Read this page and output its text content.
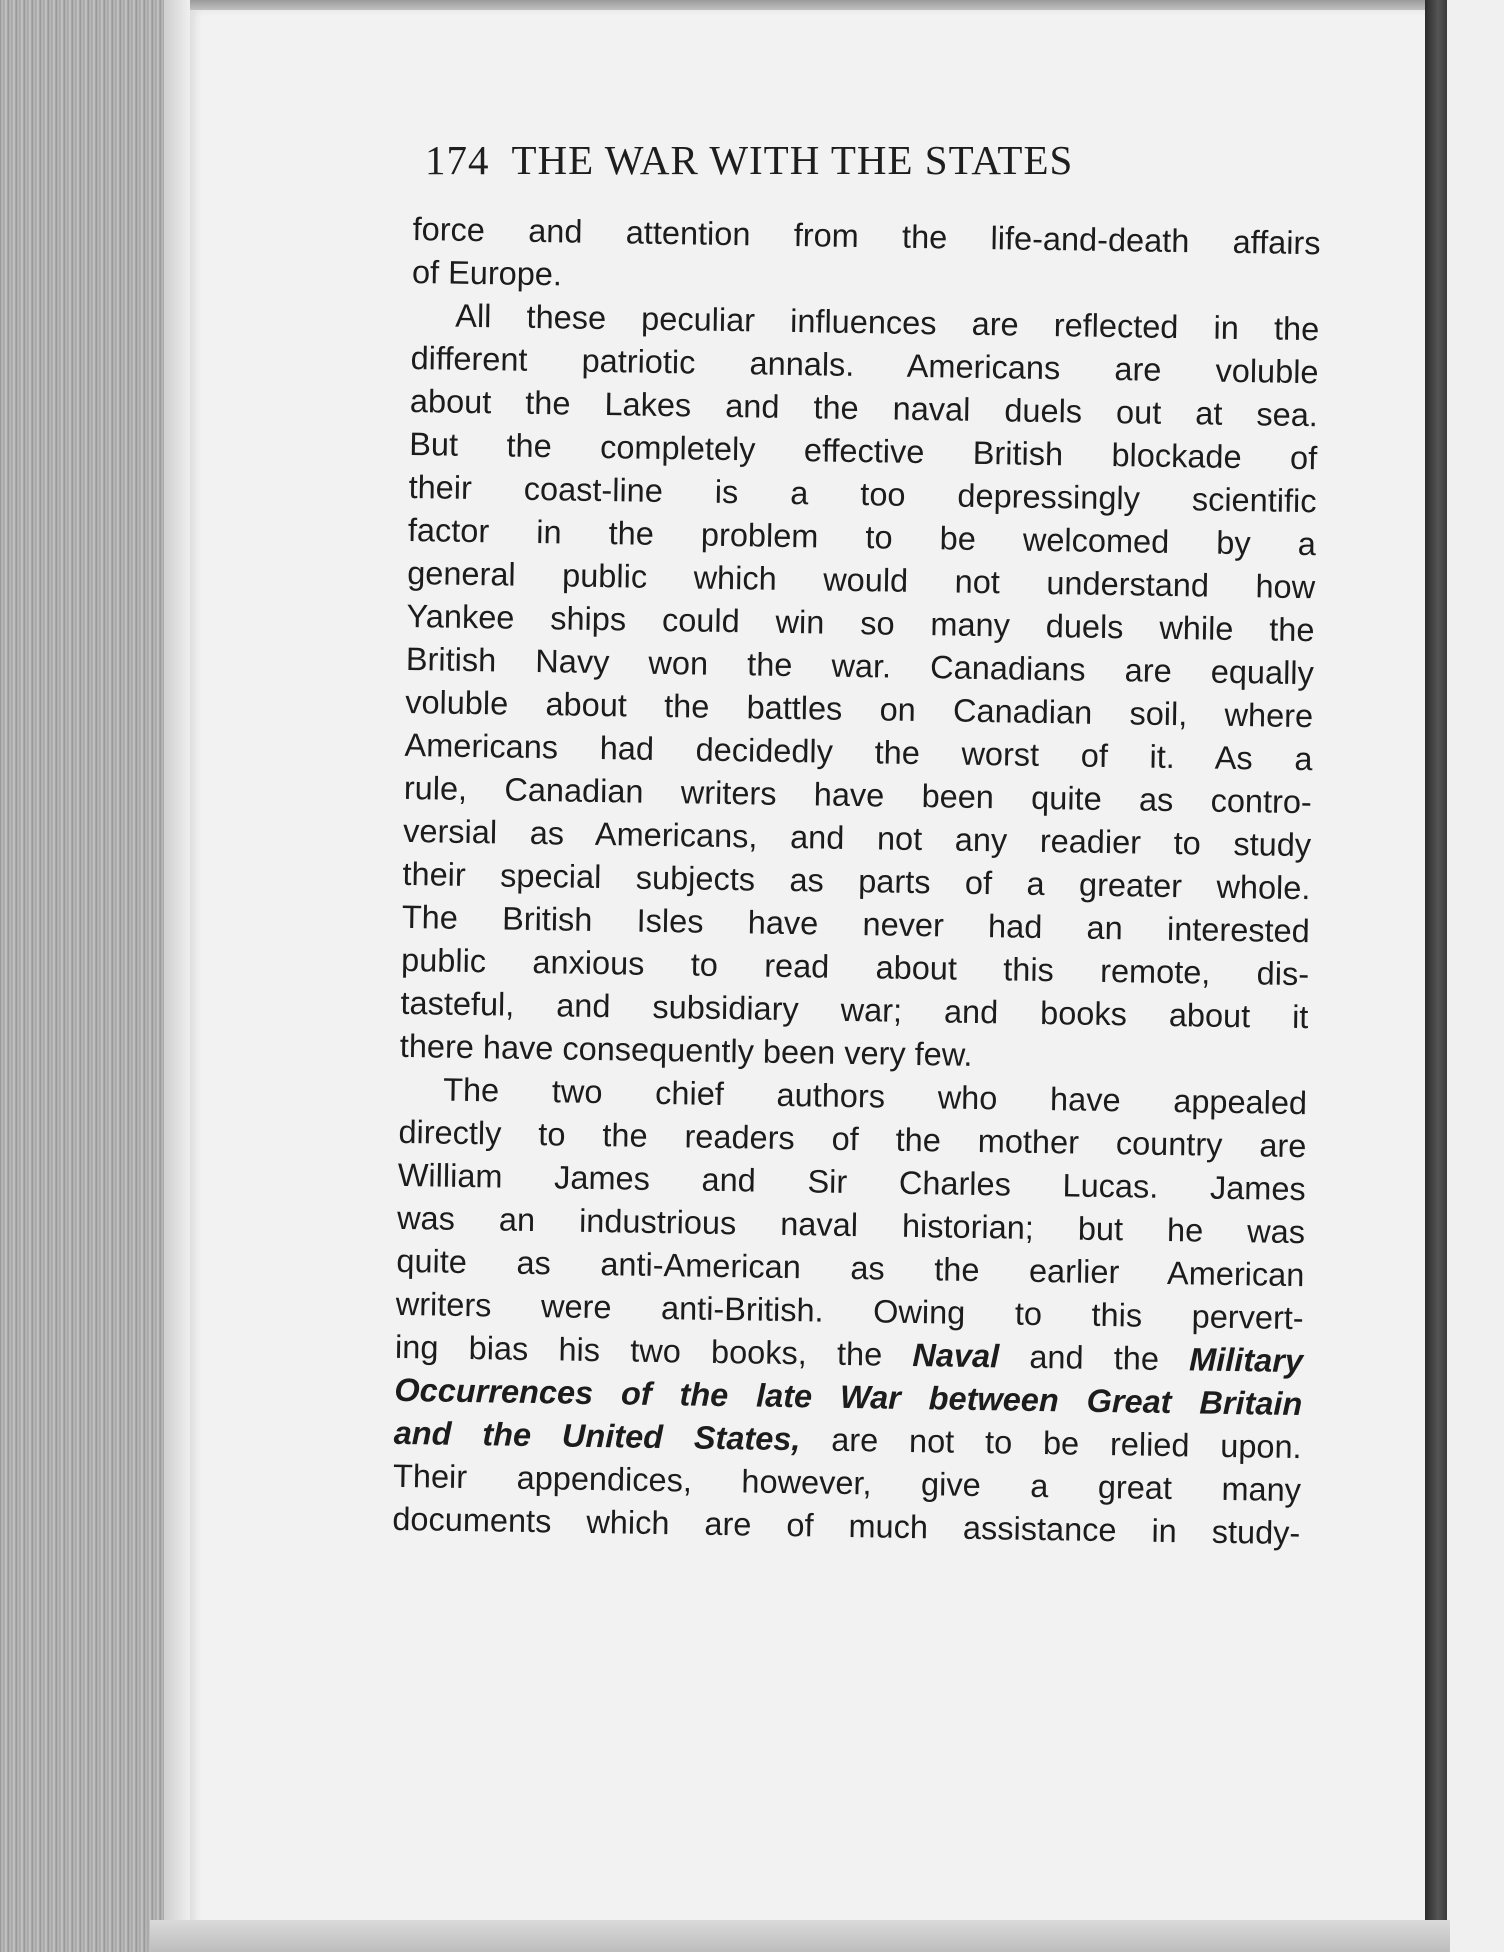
174 THE WAR WITH THE STATES
force and attention from the life-and-death affairs
of Europe.
All these peculiar influences are reflected in the
different patriotic annals. Americans are voluble
about the Lakes and the naval duels out at sea.
But the completely effective British blockade of
their coast-line is a too depressingly scientific
factor in the problem to be welcomed by a
general public which would not understand how
Yankee ships could win so many duels while the
British Navy won the war. Canadians are equally
voluble about the battles on Canadian soil, where
Americans had decidedly the worst of it. As a
rule, Canadian writers have been quite as contro-
versial as Americans, and not any readier to study
their special subjects as parts of a greater whole.
The British Isles have never had an interested
public anxious to read about this remote, dis-
tasteful, and subsidiary war; and books about it
there have consequently been very few.
The two chief authors who have appealed
directly to the readers of the mother country are
William James and Sir Charles Lucas. James
was an industrious naval historian; but he was
quite as anti-American as the earlier American
writers were anti-British. Owing to this pervert-
ing bias his two books, the Naval and the Military
Occurrences of the late War between Great Britain
and the United States, are not to be relied upon.
Their appendices, however, give a great many
documents which are of much assistance in study-
